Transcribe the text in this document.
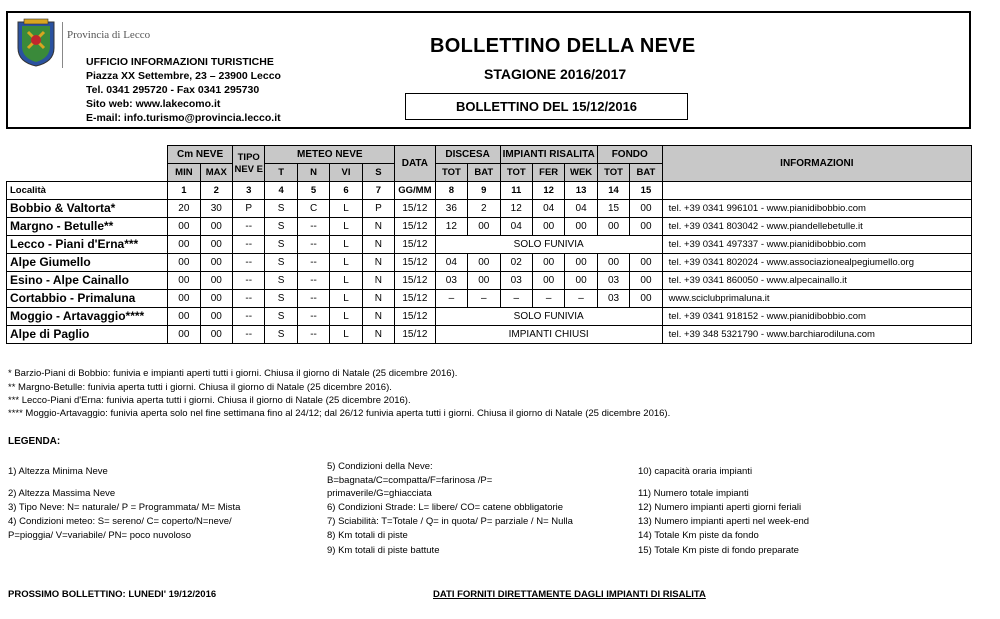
Provincia di Lecco
UFFICIO INFORMAZIONI TURISTICHE
Piazza XX Settembre, 23 – 23900 Lecco
Tel. 0341 295720 - Fax 0341 295730
Sito web: www.lakecomo.it
E-mail: info.turismo@provincia.lecco.it
BOLLETTINO DELLA NEVE
STAGIONE 2016/2017
BOLLETTINO DEL 15/12/2016
	Cm NEVE		TIPO NEV E	METEO NEVE				DATA	DISCESA		IMPIANTI RISALITA			FONDO		INFORMAZIONI
	MIN	MAX		T	N	VI	S		TOT	BAT	TOT	FER	WEK	TOT	BAT	
Località	1	2	3	4	5	6	7	GG/MM	8	9	11	12	13	14	15	
Bobbio & Valtorta*	20	30	P	S	C	L	P	15/12	36	2	12	04	04	15	00	tel. +39 0341 996101 - www.pianidibobbio.com
Margno - Betulle**	00	00	--	S	--	L	N	15/12	12	00	04	00	00	00	00	tel. +39 0341 803042 - www.piandellebetulle.it
Lecco - Piani d'Erna***	00	00	--	S	--	L	N	15/12	SOLO FUNIVIA							tel. +39 0341 497337 - www.pianidibobbio.com
Alpe Giumello	00	00	--	S	--	L	N	15/12	04	00	02	00	00	00	00	tel. +39 0341 802024 - www.associazionealpegiumello.org
Esino - Alpe Cainallo	00	00	--	S	--	L	N	15/12	03	00	03	00	00	03	00	tel. +39 0341 860050 - www.alpecainallo.it
Cortabbio - Primaluna	00	00	--	S	--	L	N	15/12	–	–	–	–	–	03	00	www.sciclubprimaluna.it
Moggio - Artavaggio****	00	00	--	S	--	L	N	15/12	SOLO FUNIVIA							tel. +39 0341 918152 - www.pianidibobbio.com
Alpe di Paglio	00	00	--	S	--	L	N	15/12	IMPIANTI CHIUSI							tel. +39 348 5321790 - www.barchiarodiluna.com
* Barzio-Piani di Bobbio: funivia e impianti aperti tutti i giorni. Chiusa il giorno di Natale (25 dicembre 2016).
** Margno-Betulle: funivia aperta tutti i giorni. Chiusa il giorno di Natale (25 dicembre 2016).
*** Lecco-Piani d'Erna: funivia aperta tutti i giorni. Chiusa il giorno di Natale (25 dicembre 2016).
**** Moggio-Artavaggio: funivia aperta solo nel fine settimana fino al 24/12; dal 26/12 funivia aperta tutti i giorni. Chiusa il giorno di Natale (25 dicembre 2016).
LEGENDA:
1) Altezza Minima Neve
2) Altezza Massima Neve
3) Tipo Neve: N= naturale/ P = Programmata/ M= Mista
4) Condizioni meteo: S= sereno/ C= coperto/N=neve/
P=pioggia/ V=variabile/ PN= poco nuvoloso
5) Condizioni della Neve:
B=bagnata/C=compatta/F=farinosa /P=
primaverile/G=ghiacciata
6) Condizioni Strade: L= libere/ CO= catene obbligatorie
7) Sciabilità: T=Totale / Q= in quota/ P= parziale / N= Nulla
8) Km totali di piste
9) Km totali di piste battute
10) capacità oraria impianti
11) Numero totale impianti
12) Numero impianti aperti giorni feriali
13) Numero impianti aperti nel week-end
14) Totale Km piste da fondo
15) Totale Km piste di fondo preparate
PROSSIMO BOLLETTINO: LUNEDI' 19/12/2016	DATI FORNITI DIRETTAMENTE DAGLI IMPIANTI DI RISALITA
